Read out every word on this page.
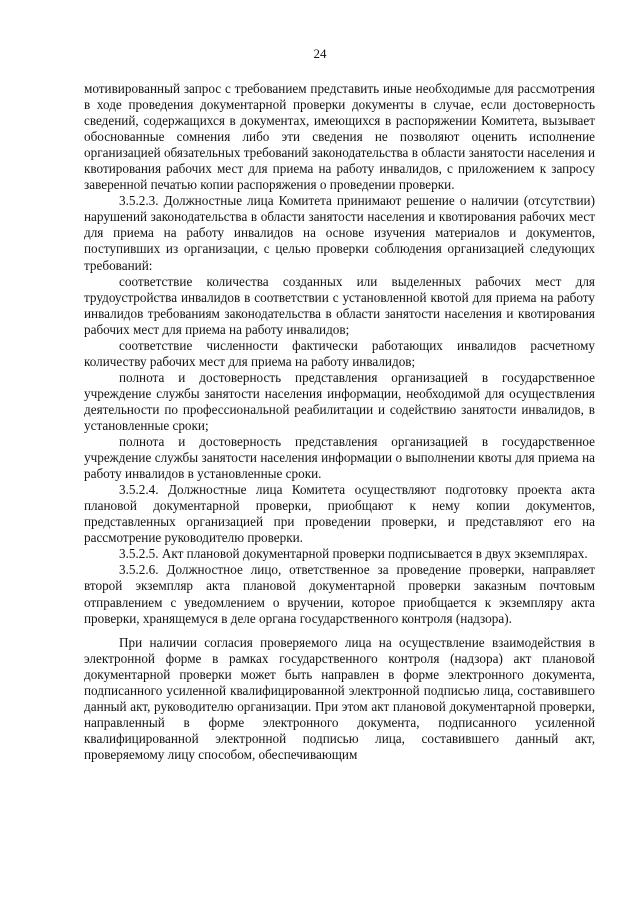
24

мотивированный запрос с требованием представить иные необходимые для рассмотрения в ходе проведения документарной проверки документы в случае, если достоверность сведений, содержащихся в документах, имеющихся в распоряжении Комитета, вызывает обоснованные сомнения либо эти сведения не позволяют оценить исполнение организацией обязательных требований законодательства в области занятости населения и квотирования рабочих мест для приема на работу инвалидов, с приложением к запросу заверенной печатью копии распоряжения о проведении проверки.

3.5.2.3. Должностные лица Комитета принимают решение о наличии (отсутствии) нарушений законодательства в области занятости населения и квотирования рабочих мест для приема на работу инвалидов на основе изучения материалов и документов, поступивших из организации, с целью проверки соблюдения организацией следующих требований:

соответствие количества созданных или выделенных рабочих мест для трудоустройства инвалидов в соответствии с установленной квотой для приема на работу инвалидов требованиям законодательства в области занятости населения и квотирования рабочих мест для приема на работу инвалидов;

соответствие численности фактически работающих инвалидов расчетному количеству рабочих мест для приема на работу инвалидов;

полнота и достоверность представления организацией в государственное учреждение службы занятости населения информации, необходимой для осуществления деятельности по профессиональной реабилитации и содействию занятости инвалидов, в установленные сроки;

полнота и достоверность представления организацией в государственное учреждение службы занятости населения информации о выполнении квоты для приема на работу инвалидов в установленные сроки.

3.5.2.4. Должностные лица Комитета осуществляют подготовку проекта акта плановой документарной проверки, приобщают к нему копии документов, представленных организацией при проведении проверки, и представляют его на рассмотрение руководителю проверки.

3.5.2.5. Акт плановой документарной проверки подписывается в двух экземплярах.

3.5.2.6. Должностное лицо, ответственное за проведение проверки, направляет второй экземпляр акта плановой документарной проверки заказным почтовым отправлением с уведомлением о вручении, которое приобщается к экземпляру акта проверки, хранящемуся в деле органа государственного контроля (надзора).

При наличии согласия проверяемого лица на осуществление взаимодействия в электронной форме в рамках государственного контроля (надзора) акт плановой документарной проверки может быть направлен в форме электронного документа, подписанного усиленной квалифицированной электронной подписью лица, составившего данный акт, руководителю организации. При этом акт плановой документарной проверки, направленный в форме электронного документа, подписанного усиленной квалифицированной электронной подписью лица, составившего данный акт, проверяемому лицу способом, обеспечивающим
